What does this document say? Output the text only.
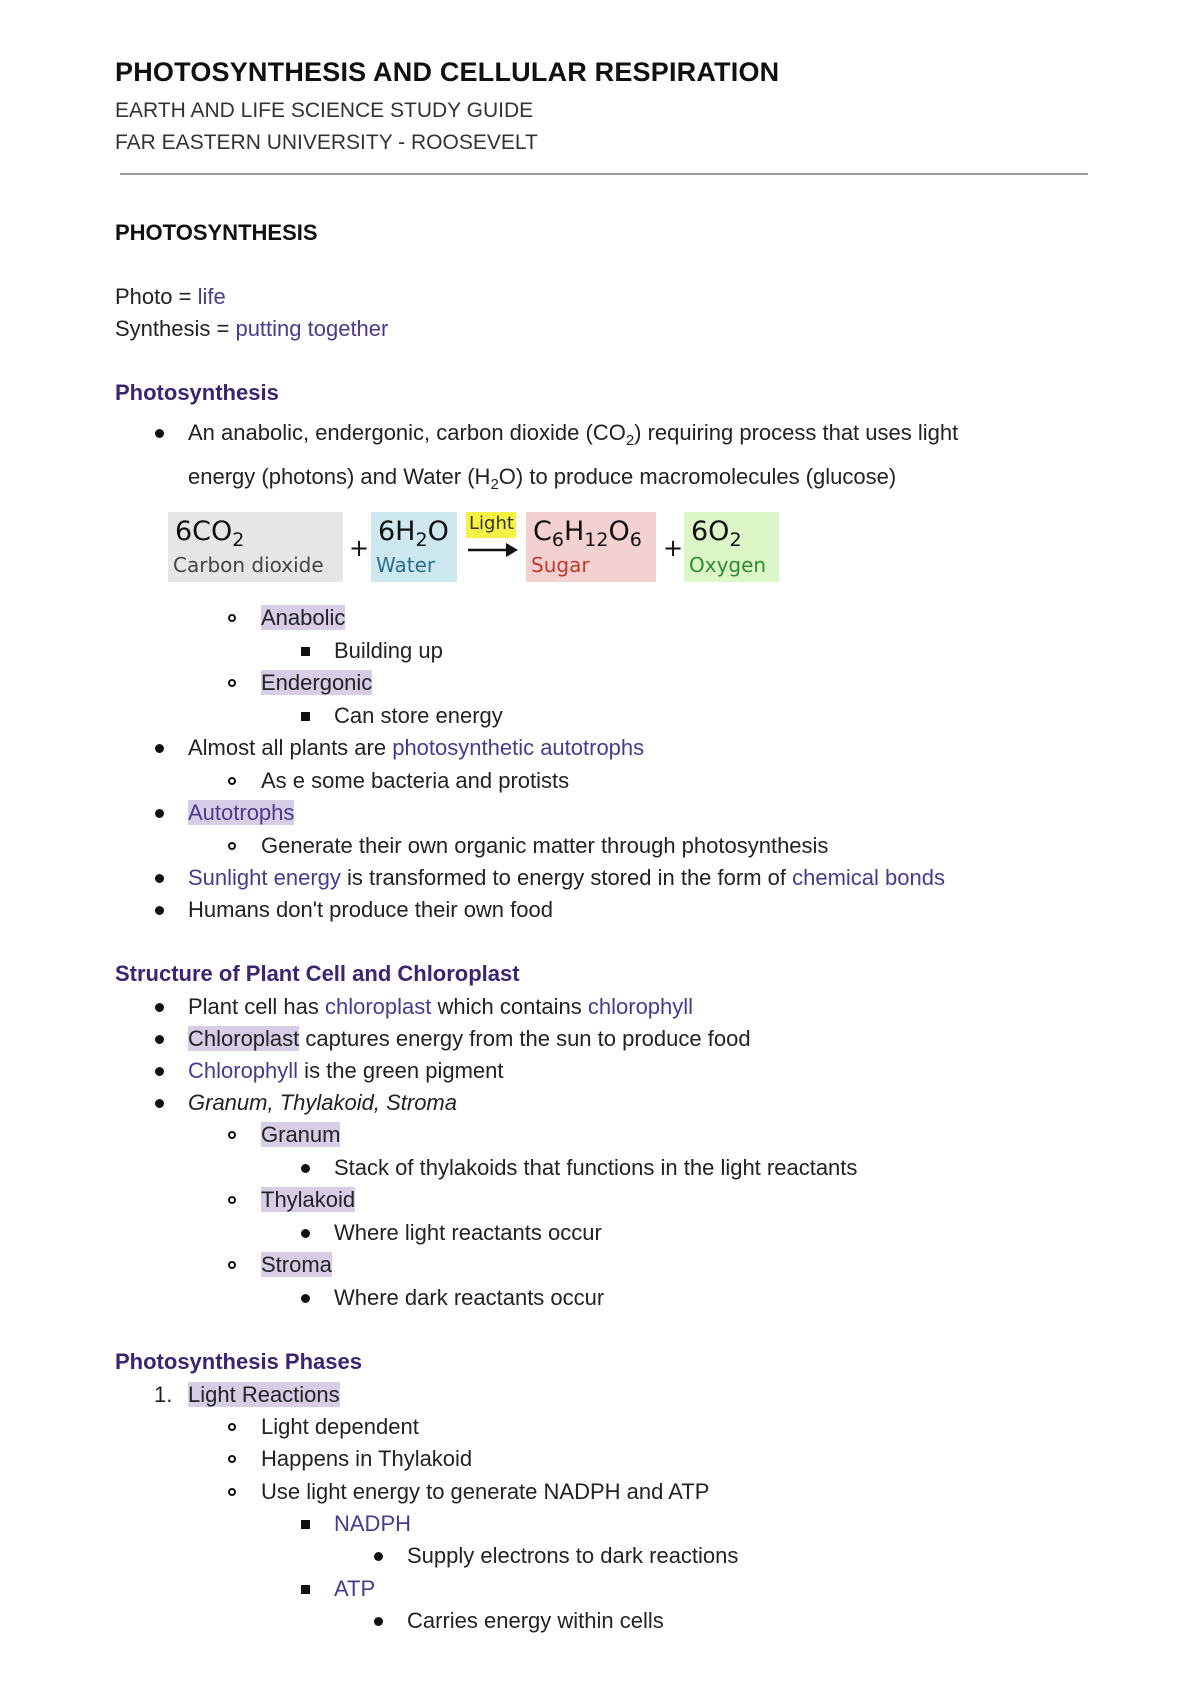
PHOTOSYNTHESIS AND CELLULAR RESPIRATION
EARTH AND LIFE SCIENCE STUDY GUIDE
FAR EASTERN UNIVERSITY - ROOSEVELT
PHOTOSYNTHESIS
Photo = life
Synthesis = putting together
Photosynthesis
An anabolic, endergonic, carbon dioxide $(CO_2)$ requiring process that uses light
energy (photons) and Water $(H_2O)$ to produce macromolecules (glucose)
$6CO_2$
Carbon dioxide
+
$6H_2O$
Water
Light $C_6H_{12}O_6$
Sugar
+
$6O_2$
Oxygen
Anabolic
Building up
Endergonic
Can store energy
Almost all plants are photosynthetic autotrophs
As e some bacteria and protists
Autotrophs
Generate their own organic matter through photosynthesis
Sunlight energy is transformed to energy stored in the form of chemical bonds
Humans don't produce their own food
Structure of Plant Cell and Chloroplast
Plant cell has chloroplast which contains chlorophyll
Chloroplast captures energy from the sun to produce food
Chlorophyll is the green pigment
Granum, Thylakoid, Stroma
Granum
Stack of thylakoids that functions in the light reactants
Thylakoid
Where light reactants occur
Stroma
Where dark reactants occur
Photosynthesis Phases
1. Light Reactions
Light dependent
Happens in Thylakoid
Use light energy to generate NADPH and ATP
NADPH
Supply electrons to dark reactions
ATP
Carries energy within cells
